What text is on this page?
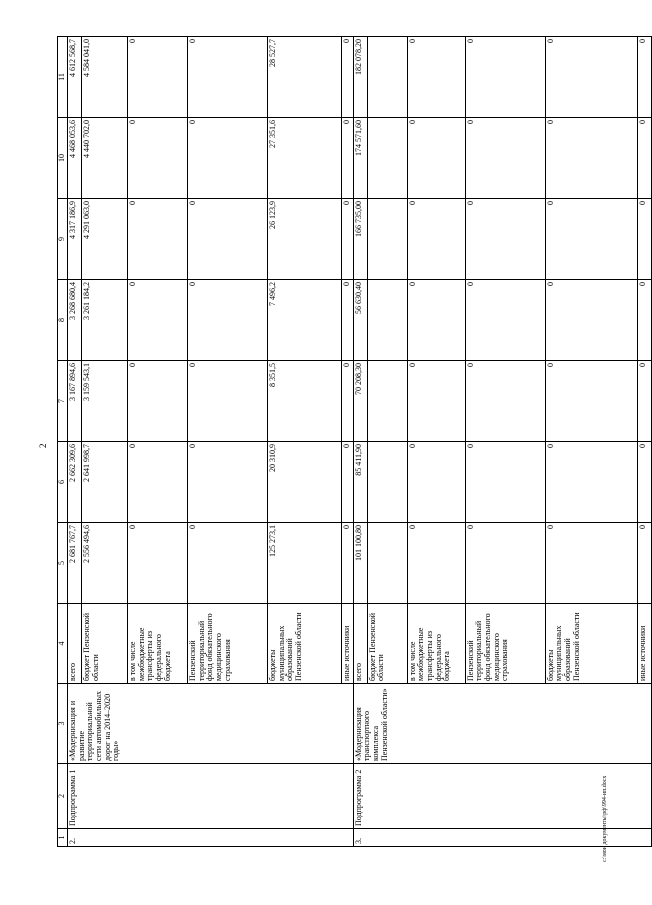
2
1	2	3	4	5	6	7	8	9	10	11
2.	Подпрограмма 1	«Модернизация и развитие территориальной сети автомобильных дорог на 2014–2020 годы»	всего	2 681 767,7	2 662 309,6	3 167 894,6	3 268 680,4	4 317 186,9	4 468 053,6	4 612 568,7
			бюджет Пензенской области	2 556 494,6	2 641 998,7	3 159 543,1	3 261 184,2	4 291 063,0	4 440 702,0	4 584 041,0
			в том числе межбюджетные трансферты из федерального бюджета	0	0	0	0	0	0	0
			Пензенский территориальный фонд обязательного медицинского страхования	0	0	0	0	0	0	0
			бюджеты муниципальных образований Пензенской области	125 273,1	20 310,9	8 351,5	7 496,2	26 123,9	27 351,6	28 527,7
			иные источники	0	0	0	0	0	0	0
3.	Подпрограмма 2	«Модернизация транспортного комплекса Пензенской области»	всего	101 100,80	85 411,90	70 208,30	56 630,40	166 735,00	174 571,60	182 078,20
			бюджет Пензенской области							
			в том числе межбюджетные трансферты из федерального бюджета	0	0	0	0	0	0	0
			Пензенский территориальный фонд обязательного медицинского страхования	0	0	0	0	0	0	0
			бюджеты муниципальных образований Пензенской области	0	0	0	0	0	0	0
			иные источники	0	0	0	0	0	0	0
c:\мои документы\рф\994-ип.docx
